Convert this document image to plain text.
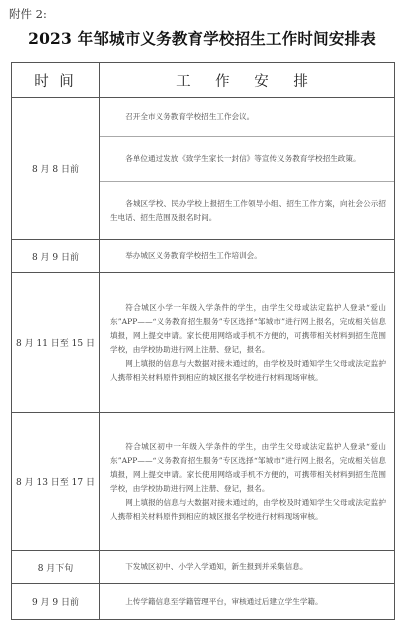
附件 2:
2023 年邹城市义务教育学校招生工作时间安排表
时 间	工 作 安 排
8 月 8 日前	召开全市义务教育学校招生工作会议。
各单位通过发放《致学生家长一封信》等宣传义务教育学校招生政策。
各城区学校、民办学校上报招生工作领导小组、招生工作方案，向社会公示招生电话、招生范围及报名时间。

8 月 9 日前	举办城区义务教育学校招生工作培训会。

8 月 11 日至 15 日	符合城区小学一年级入学条件的学生，由学生父母或法定监护人登录“爱山东”APP——“义务教育招生服务”专区选择“邹城市”进行网上报名，完成相关信息填报，网上提交申请。家长使用网络或手机不方便的，可携带相关材料到招生范围学校，由学校协助进行网上注册、登记，报名。
网上填报的信息与大数据对接未通过的，由学校及时通知学生父母或法定监护人携带相关材料原件到相应的城区报名学校进行材料现场审核。

8 月 13 日至 17 日	符合城区初中一年级入学条件的学生，由学生父母或法定监护人登录“爱山东”APP——“义务教育招生服务”专区选择“邹城市”进行网上报名，完成相关信息填报，网上提交申请。家长使用网络或手机不方便的，可携带相关材料到招生范围学校，由学校协助进行网上注册、登记，报名。
网上填报的信息与大数据对接未通过的，由学校及时通知学生父母或法定监护人携带相关材料原件到相应的城区报名学校进行材料现场审核。

8 月下旬	下发城区初中、小学入学通知，新生报到并采集信息。

9 月 9 日前	上传学籍信息至学籍管理平台，审核通过后建立学生学籍。
